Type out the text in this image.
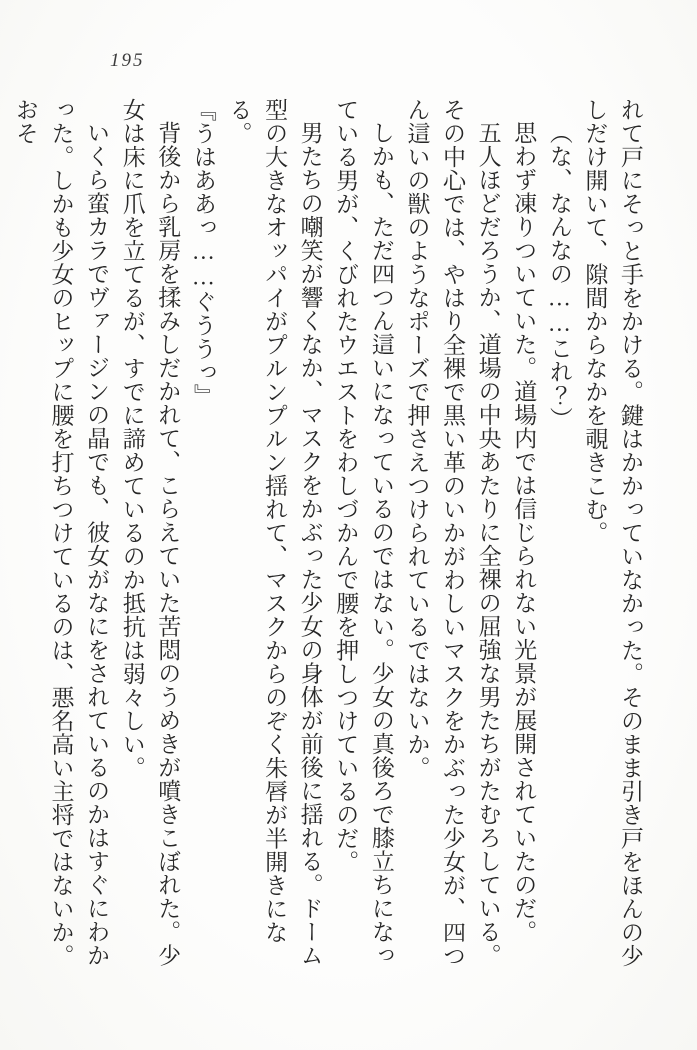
195

れて戸にそっと手をかける。鍵はかかっていなかった。そのまま引き戸をほんの少しだけ開いて、隙間からなかを覗きこむ。

（な、なんなの……これ？）

思わず凍りついていた。道場内では信じられない光景が展開されていたのだ。

五人ほどだろうか、道場の中央あたりに全裸の屈強な男たちがたむろしている。その中心では、やはり全裸で黒い革のいかがわしいマスクをかぶった少女が、四つん這いの獣のようなポーズで押さえつけられているではないか。

しかも、ただ四つん這いになっているのではない。少女の真後ろで膝立ちになっている男が、くびれたウエストをわしづかんで腰を押しつけているのだ。

男たちの嘲笑が響くなか、マスクをかぶった少女の身体が前後に揺れる。ドーム型の大きなオッパイがプルンプルン揺れて、マスクからのぞく朱唇が半開きになる。

『うはああっ……ぐううっ』

背後から乳房を揉みしだかれて、こらえていた苦悶のうめきが噴きこぼれた。少女は床に爪を立てるが、すでに諦めているのか抵抗は弱々しい。

いくら蛮カラでヴァージンの晶でも、彼女がなにをされているのかはすぐにわかった。しかも少女のヒップに腰を打ちつけているのは、悪名高い主将ではないか。おそ
